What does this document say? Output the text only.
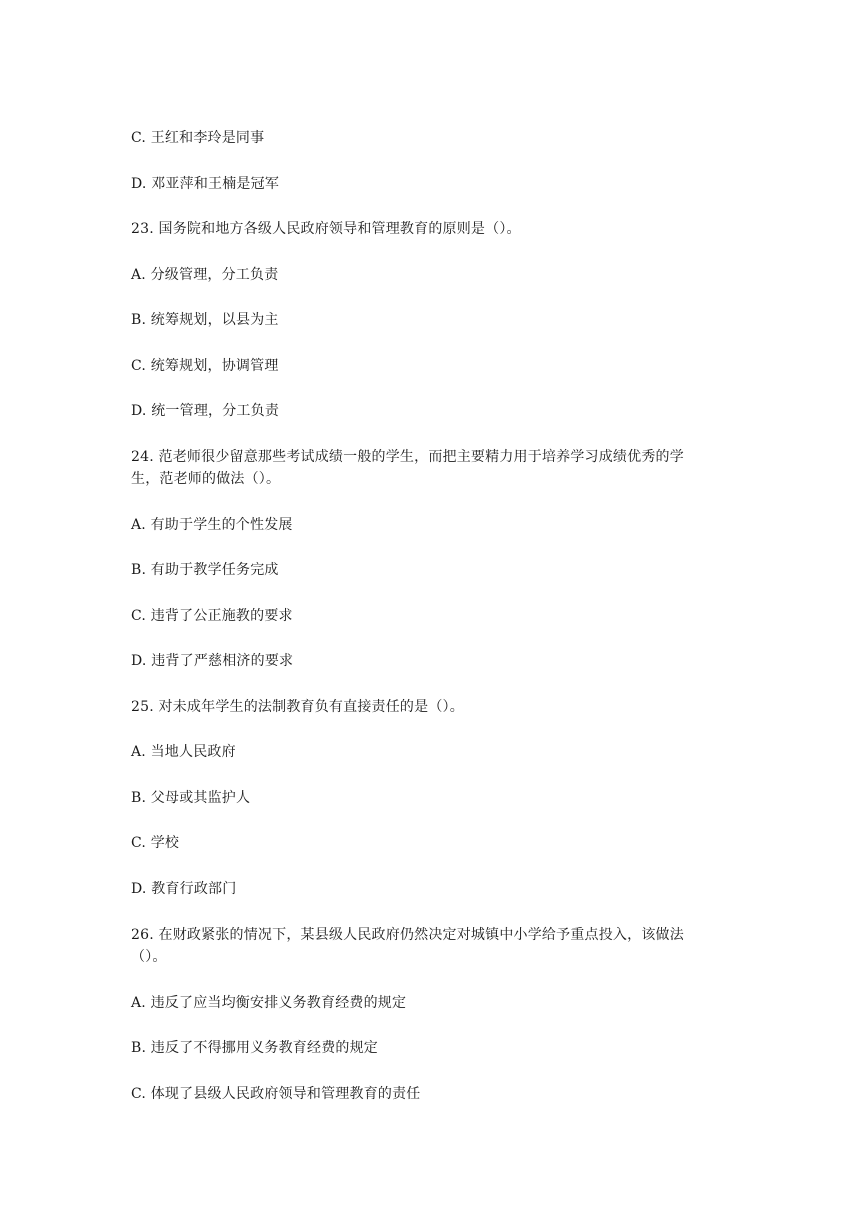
C. 王红和李玲是同事
D. 邓亚萍和王楠是冠军
23. 国务院和地方各级人民政府领导和管理教育的原则是（）。
A. 分级管理，分工负责
B. 统筹规划，以县为主
C. 统筹规划，协调管理
D. 统一管理，分工负责
24. 范老师很少留意那些考试成绩一般的学生，而把主要精力用于培养学习成绩优秀的学
生，范老师的做法（）。
A. 有助于学生的个性发展
B. 有助于教学任务完成
C. 违背了公正施教的要求
D. 违背了严慈相济的要求
25. 对未成年学生的法制教育负有直接责任的是（）。
A. 当地人民政府
B. 父母或其监护人
C. 学校
D. 教育行政部门
26. 在财政紧张的情况下，某县级人民政府仍然决定对城镇中小学给予重点投入，该做法
（）。
A. 违反了应当均衡安排义务教育经费的规定
B. 违反了不得挪用义务教育经费的规定
C. 体现了县级人民政府领导和管理教育的责任
